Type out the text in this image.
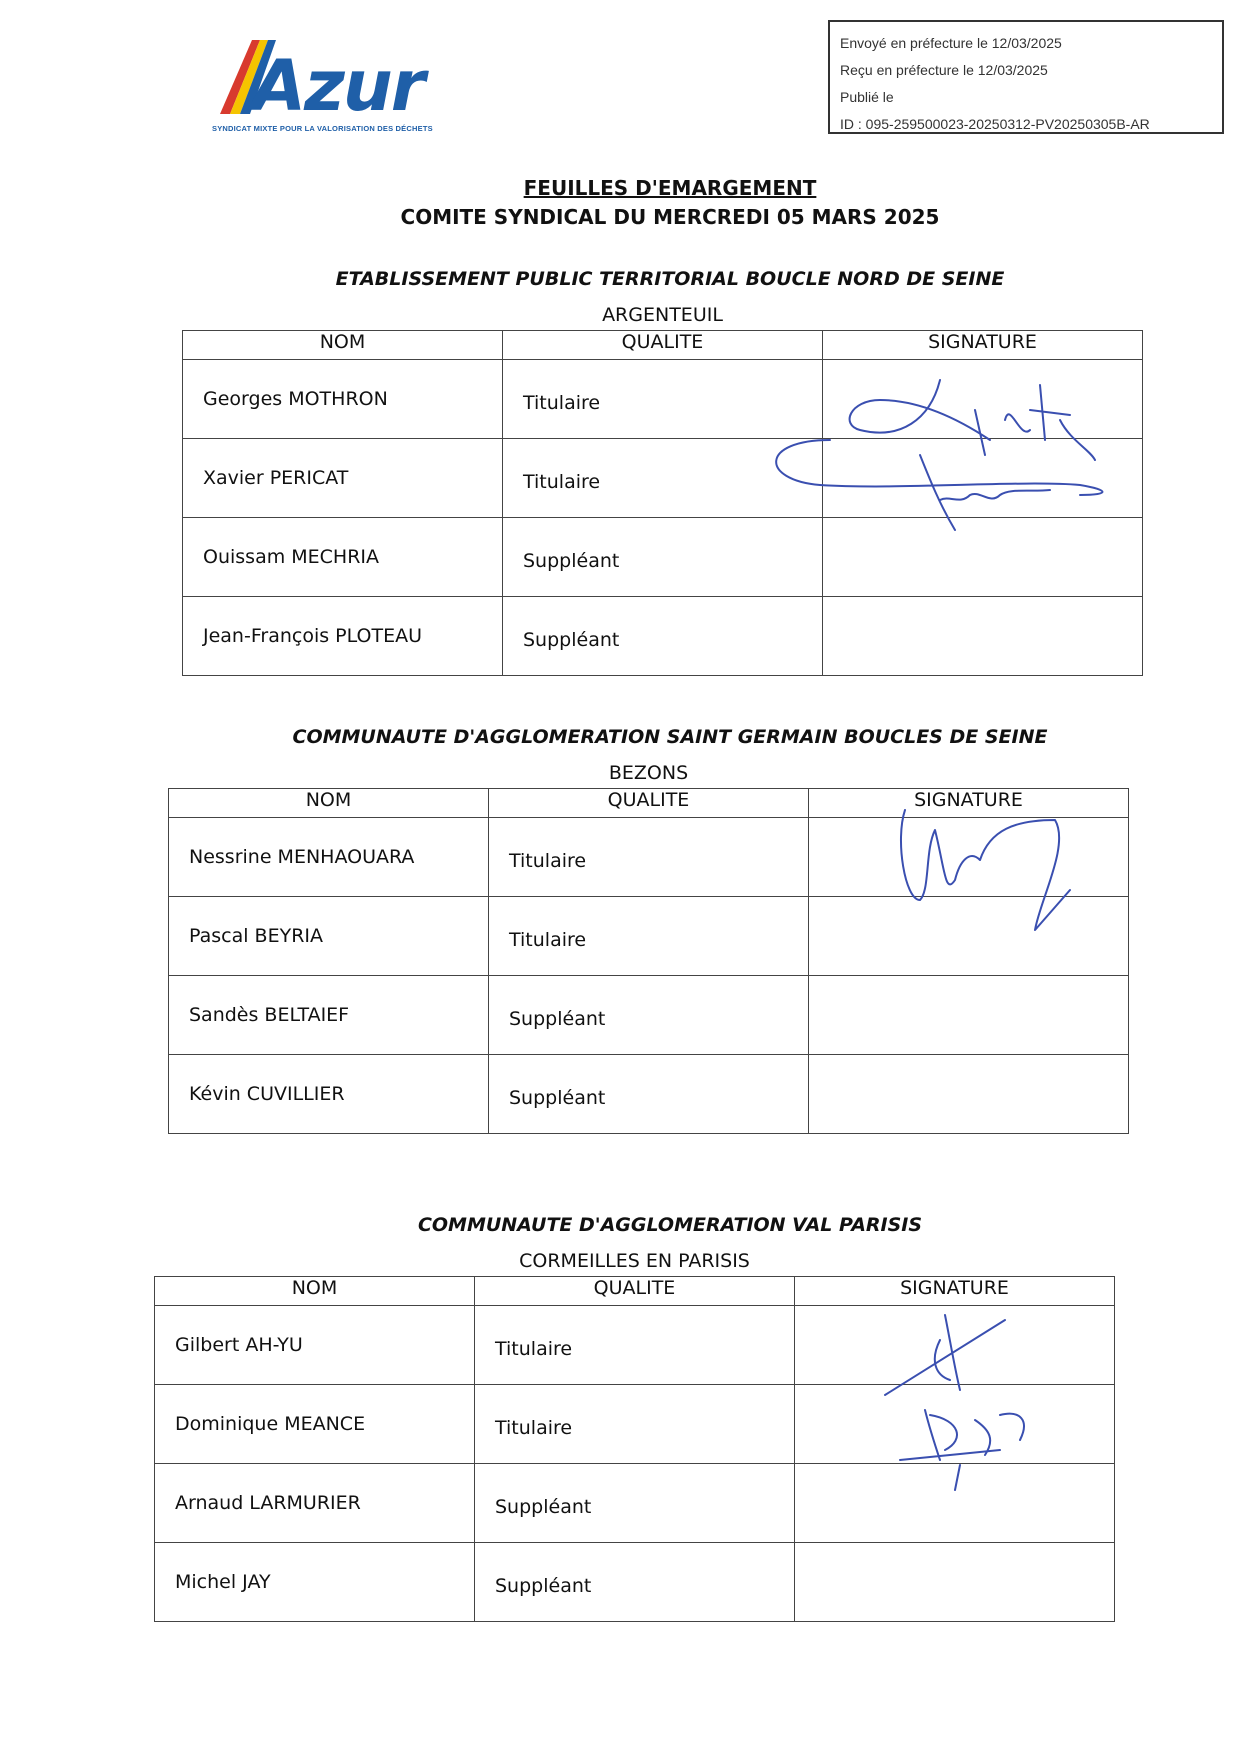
Envoyé en préfecture le 12/03/2025
Reçu en préfecture le 12/03/2025
Publié le
ID : 095-259500023-20250312-PV20250305B-AR
Azur
SYNDICAT MIXTE POUR LA VALORISATION DES DÉCHETS
FEUILLES D'EMARGEMENT
COMITE SYNDICAL DU MERCREDI 05 MARS 2025
ETABLISSEMENT PUBLIC TERRITORIAL BOUCLE NORD DE SEINE
	ARGENTEUIL	
NOM	QUALITE	SIGNATURE
Georges MOTHRON	Titulaire	
Xavier PERICAT	Titulaire	
Ouissam MECHRIA	Suppléant	
Jean-François PLOTEAU	Suppléant	
COMMUNAUTE D'AGGLOMERATION SAINT GERMAIN BOUCLES DE SEINE
	BEZONS	
NOM	QUALITE	SIGNATURE
Nessrine MENHAOUARA	Titulaire	
Pascal BEYRIA	Titulaire	
Sandès BELTAIEF	Suppléant	
Kévin CUVILLIER	Suppléant	
COMMUNAUTE D'AGGLOMERATION VAL PARISIS
	CORMEILLES EN PARISIS	
NOM	QUALITE	SIGNATURE
Gilbert AH-YU	Titulaire	
Dominique MEANCE	Titulaire	
Arnaud LARMURIER	Suppléant	
Michel JAY	Suppléant	
